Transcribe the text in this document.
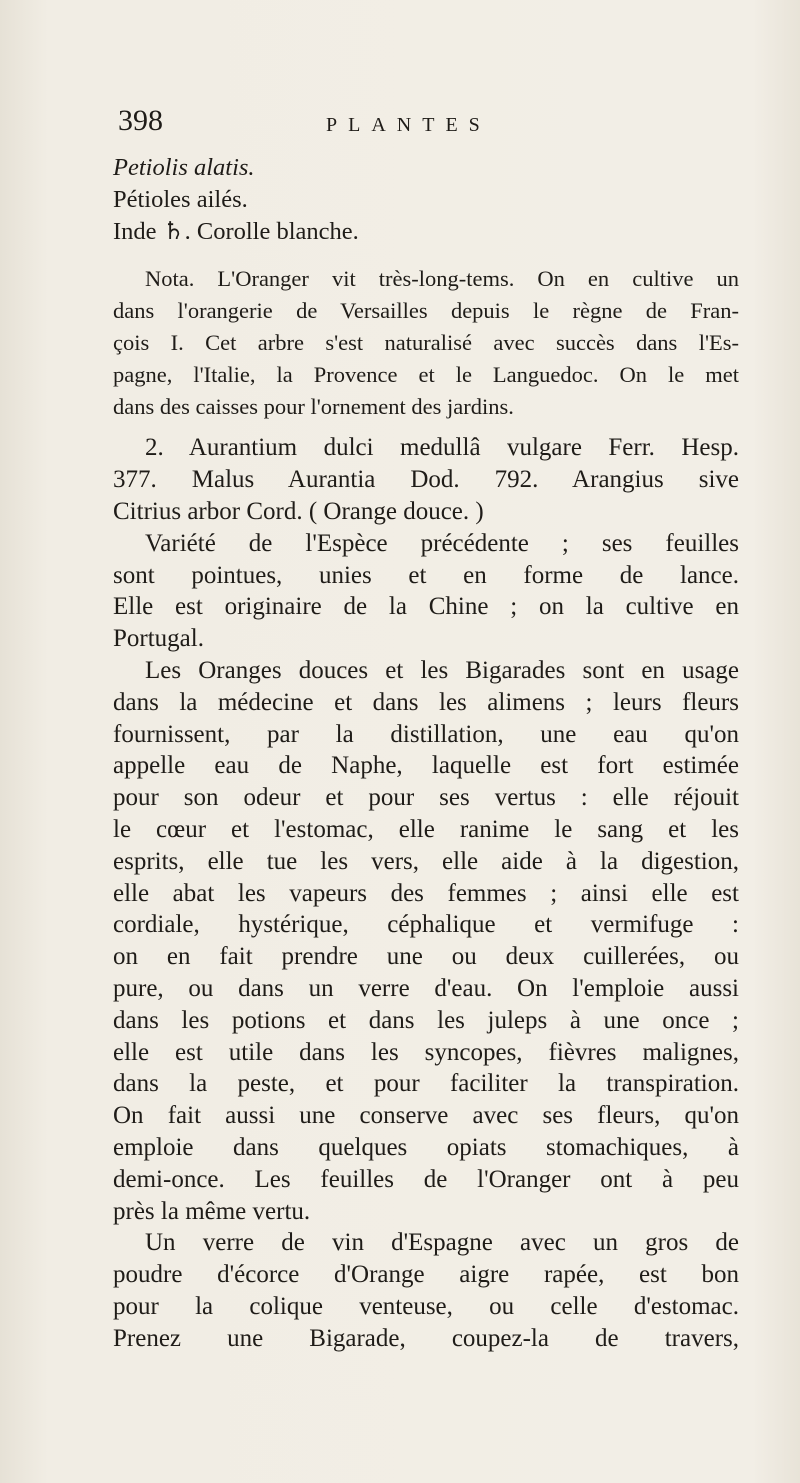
398	PLANTES
Petiolis alatis.
Pétioles ailés.
Inde ♄. Corolle blanche.
Nota. L'Oranger vit très-long-tems. On en cultive un
dans l'orangerie de Versailles depuis le règne de Fran-
çois I. Cet arbre s'est naturalisé avec succès dans l'Es-
pagne, l'Italie, la Provence et le Languedoc. On le met
dans des caisses pour l'ornement des jardins.
2. Aurantium dulci medullâ vulgare Ferr. Hesp.
377. Malus Aurantia Dod. 792. Arangius sive
Citrius arbor Cord. ( Orange douce. )
Variété de l'Espèce précédente ; ses feuilles
sont pointues, unies et en forme de lance.
Elle est originaire de la Chine ; on la cultive en
Portugal.
Les Oranges douces et les Bigarades sont en usage
dans la médecine et dans les alimens ; leurs fleurs
fournissent, par la distillation, une eau qu'on
appelle eau de Naphe, laquelle est fort estimée
pour son odeur et pour ses vertus : elle réjouit
le cœur et l'estomac, elle ranime le sang et les
esprits, elle tue les vers, elle aide à la digestion,
elle abat les vapeurs des femmes ; ainsi elle est
cordiale, hystérique, céphalique et vermifuge :
on en fait prendre une ou deux cuillerées, ou
pure, ou dans un verre d'eau. On l'emploie aussi
dans les potions et dans les juleps à une once ;
elle est utile dans les syncopes, fièvres malignes,
dans la peste, et pour faciliter la transpiration.
On fait aussi une conserve avec ses fleurs, qu'on
emploie dans quelques opiats stomachiques, à
demi-once. Les feuilles de l'Oranger ont à peu
près la même vertu.
Un verre de vin d'Espagne avec un gros de
poudre d'écorce d'Orange aigre rapée, est bon
pour la colique venteuse, ou celle d'estomac.
Prenez une Bigarade, coupez-la de travers,
